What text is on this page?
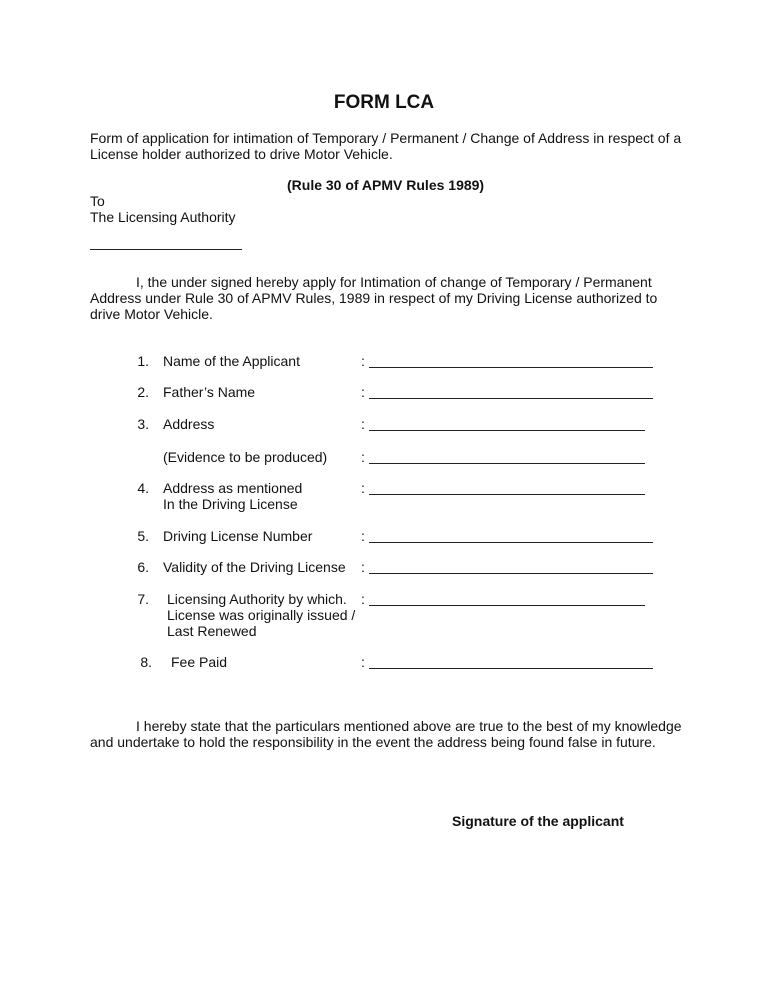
FORM LCA
Form of application for intimation of Temporary / Permanent / Change of Address in respect of a
License holder authorized to drive Motor Vehicle.
(Rule 30 of APMV Rules 1989)
To
The Licensing Authority
I, the under signed hereby apply for Intimation of change of Temporary / Permanent
Address under Rule 30 of APMV Rules, 1989 in respect of my Driving License authorized to
drive Motor Vehicle.
1. Name of the Applicant	:
2. Father’s Name	:
3. Address	:
(Evidence to be produced) :
4. Address as mentioned
In the Driving License
:
5. Driving License Number	:
6. Validity of the Driving License :
7. Licensing Authority by which.
License was originally issued /
Last Renewed
:
8. Fee Paid	:
I hereby state that the particulars mentioned above are true to the best of my knowledge
and undertake to hold the responsibility in the event the address being found false in future.
Signature of the applicant
